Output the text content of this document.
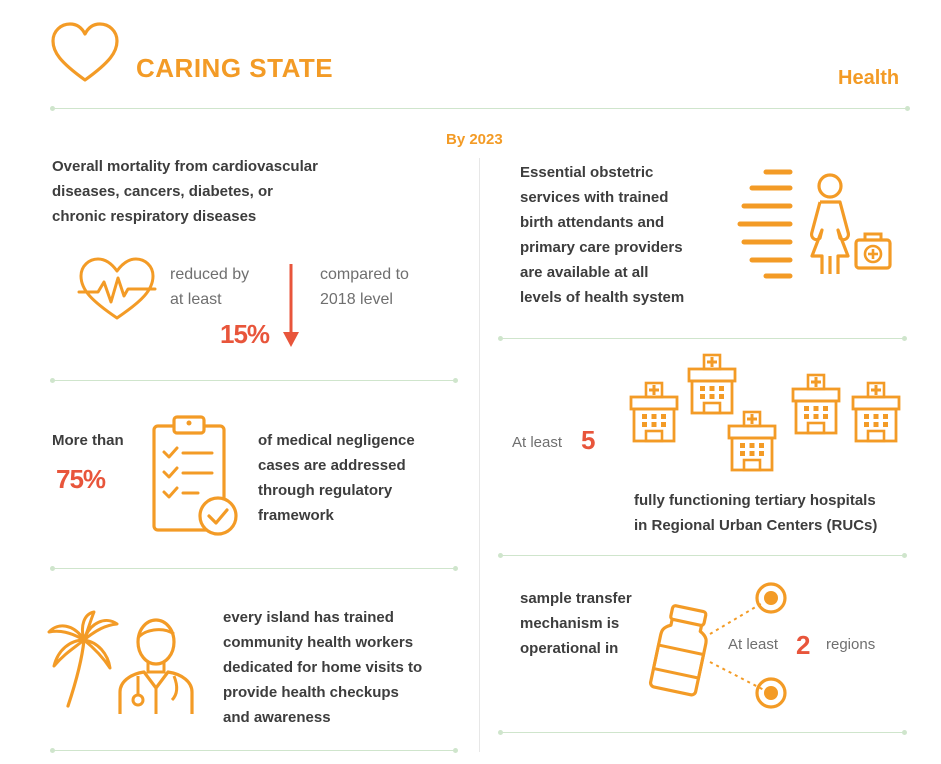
CARING STATE	Health
By 2023
Overall mortality from cardiovascular
diseases, cancers, diabetes, or
chronic respiratory diseases
reduced by
at least
15%
compared to
2018 level
More than
75%
of medical negligence
cases are addressed
through regulatory
framework
every island has trained
community health workers
dedicated for home visits to
provide health checkups
and awareness
Essential obstetric
services with trained
birth attendants and
primary care providers
are available at all
levels of health system
At least 5
fully functioning tertiary hospitals
in Regional Urban Centers (RUCs)
sample transfer
mechanism is
operational in	At least 2 regions
